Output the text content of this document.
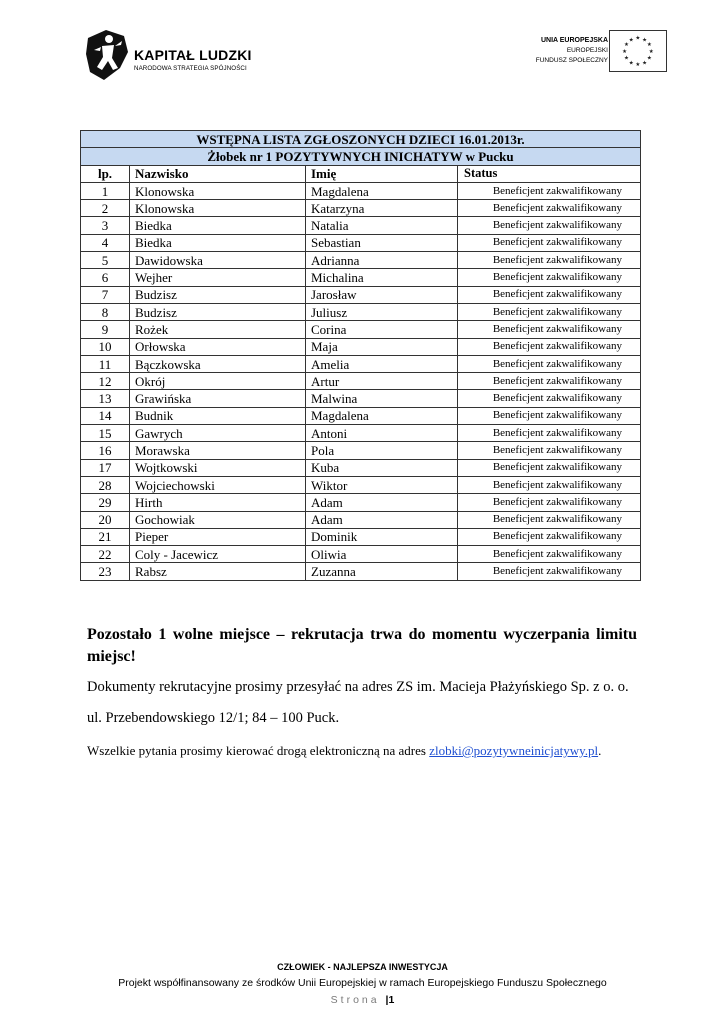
KAPITAŁ LUDZKI
NARODOWA STRATEGIA SPÓJNOŚCI
UNIA EUROPEJSKA
EUROPEJSKI
FUNDUSZ SPOŁECZNY
★ ★
★
★
★
★
★
★
★
★
★
★
WSTĘPNA LISTA ZGŁOSZONYCH DZIECI 16.01.2013r.			
Żłobek nr 1 POZYTYWNYCH INICHATYW w Pucku			
lp.	Nazwisko	Imię	Status
1	Klonowska	Magdalena	Beneficjent zakwalifikowany
2	Klonowska	Katarzyna	Beneficjent zakwalifikowany
3	Biedka	Natalia	Beneficjent zakwalifikowany
4	Biedka	Sebastian	Beneficjent zakwalifikowany
5	Dawidowska	Adrianna	Beneficjent zakwalifikowany
6	Wejher	Michalina	Beneficjent zakwalifikowany
7	Budzisz	Jarosław	Beneficjent zakwalifikowany
8	Budzisz	Juliusz	Beneficjent zakwalifikowany
9	Rożek	Corina	Beneficjent zakwalifikowany
10	Orłowska	Maja	Beneficjent zakwalifikowany
11	Bączkowska	Amelia	Beneficjent zakwalifikowany
12	Okrój	Artur	Beneficjent zakwalifikowany
13	Grawińska	Malwina	Beneficjent zakwalifikowany
14	Budnik	Magdalena	Beneficjent zakwalifikowany
15	Gawrych	Antoni	Beneficjent zakwalifikowany
16	Morawska	Pola	Beneficjent zakwalifikowany
17	Wojtkowski	Kuba	Beneficjent zakwalifikowany
28	Wojciechowski	Wiktor	Beneficjent zakwalifikowany
29	Hirth	Adam	Beneficjent zakwalifikowany
20	Gochowiak	Adam	Beneficjent zakwalifikowany
21	Pieper	Dominik	Beneficjent zakwalifikowany
22	Coly - Jacewicz	Oliwia	Beneficjent zakwalifikowany
23	Rabsz	Zuzanna	Beneficjent zakwalifikowany
Pozostało 1 wolne miejsce – rekrutacja trwa do momentu wyczerpania limitu miejsc!
Dokumenty rekrutacyjne prosimy przesyłać na adres ZS im. Macieja Płażyńskiego Sp. z o. o.
ul. Przebendowskiego 12/1; 84 – 100 Puck.
Wszelkie pytania prosimy kierować drogą elektroniczną na adres zlobki@pozytywneinicjatywy.pl.
CZŁOWIEK - NAJLEPSZA INWESTYCJA
Projekt współfinansowany ze środków Unii Europejskiej w ramach Europejskiego Funduszu Społecznego
Strona |1
